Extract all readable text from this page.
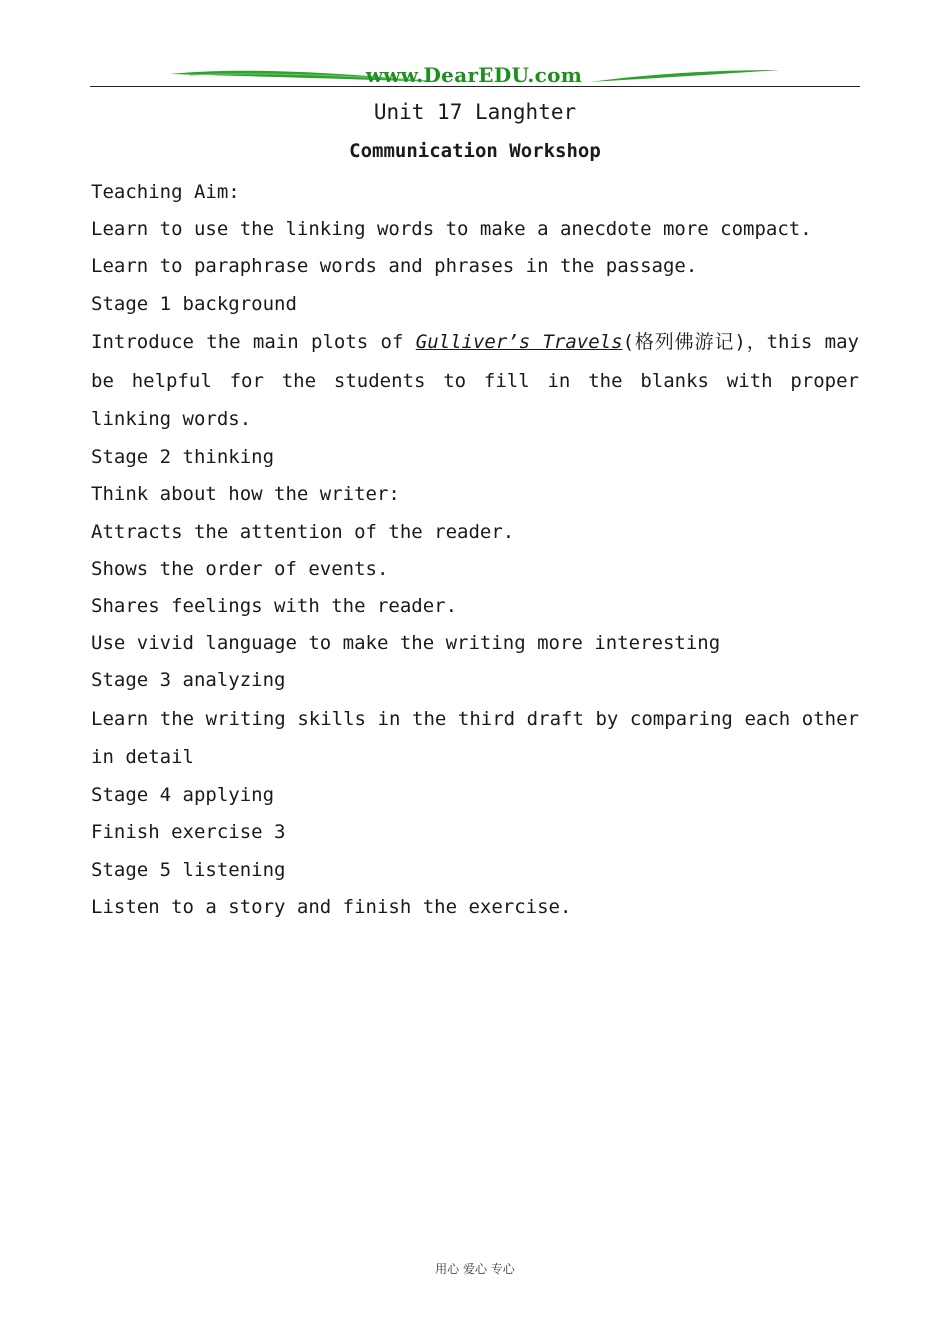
www.DearEDU.com
Unit 17 Langhter
Communication Workshop
Teaching Aim:
Learn to use the linking words to make a anecdote more compact.
Learn to paraphrase words and phrases in the passage.
Stage 1 background
Introduce the main plots of Gulliver’s Travels(格列佛游记)，this may be helpful for the students to fill in the blanks with proper linking words.
Stage 2 thinking
Think about how the writer:
Attracts the attention of the reader.
Shows the order of events.
Shares feelings with the reader.
Use vivid language to make the writing more interesting
Stage 3 analyzing
Learn the writing skills in the third draft by comparing each other in detail
Stage 4 applying
Finish exercise 3
Stage 5 listening
Listen to a story and finish the exercise.
用心 爱心 专心
